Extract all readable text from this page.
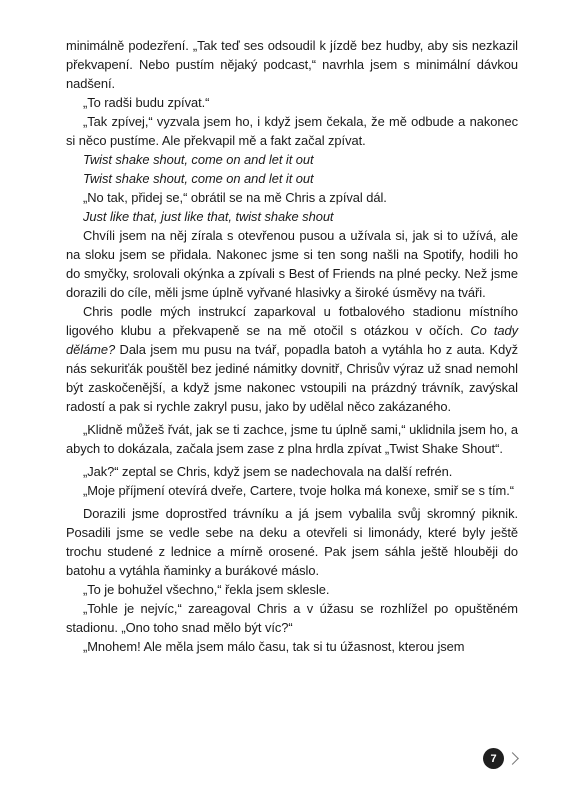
minimálně podezření. „Tak teď ses odsoudil k jízdě bez hudby, aby sis nezkazil překvapení. Nebo pustím nějaký podcast,“ navrhla jsem s minimální dávkou nadšení.

„To radši budu zpívat.“

„Tak zpívej,“ vyzvala jsem ho, i když jsem čekala, že mě odbude a nakonec si něco pustíme. Ale překvapil mě a fakt začal zpívat.

Twist shake shout, come on and let it out

Twist shake shout, come on and let it out

„No tak, přidej se,“ obrátil se na mě Chris a zpíval dál.

Just like that, just like that, twist shake shout

Chvíli jsem na něj zírala s otevřenou pusou a užívala si, jak si to užívá, ale na sloku jsem se přidala. Nakonec jsme si ten song našli na Spotify, hodili ho do smyčky, srolovali okýnka a zpívali s Best of Friends na plné pecky. Než jsme dorazili do cíle, měli jsme úplně vyřvané hlasivky a široké úsměvy na tváři.

Chris podle mých instrukcí zaparkoval u fotbalového stadionu místního ligového klubu a překvapeně se na mě otočil s otázkou v očích. Co tady děláme? Dala jsem mu pusu na tvář, popadla batoh a vytáhla ho z auta. Když nás sekuriťák pouštěl bez jediné námitky dovnitř, Chrisův výraz už snad nemohl být zaskočenější, a když jsme nakonec vstoupili na prázdný trávník, zavýskal radostí a pak si rychle zakryl pusu, jako by udělal něco zakázaného.

„Klidně můžeš řvát, jak se ti zachce, jsme tu úplně sami,“ uklidnila jsem ho, a abych to dokázala, začala jsem zase z plna hrdla zpívat „Twist Shake Shout“.

„Jak?“ zeptal se Chris, když jsem se nadechovala na další refrén.

„Moje příjmení otevírá dveře, Cartere, tvoje holka má konexe, smiř se s tím.“

Dorazili jsme doprostřed trávníku a já jsem vybalila svůj skromný piknik. Posadili jsme se vedle sebe na deku a otevřeli si limonády, které byly ještě trochu studené z lednice a mírně orosené. Pak jsem sáhla ještě hlouběji do batohu a vytáhla ňaminky a burákové máslo.

„To je bohužel všechno,“ řekla jsem sklesle.

„Tohle je nejvíc,“ zareagoval Chris a v úžasu se rozhlížel po opuštěném stadionu. „Ono toho snad mělo být víc?“

„Mnohem! Ale měla jsem málo času, tak si tu úžasnost, kterou jsem

7
